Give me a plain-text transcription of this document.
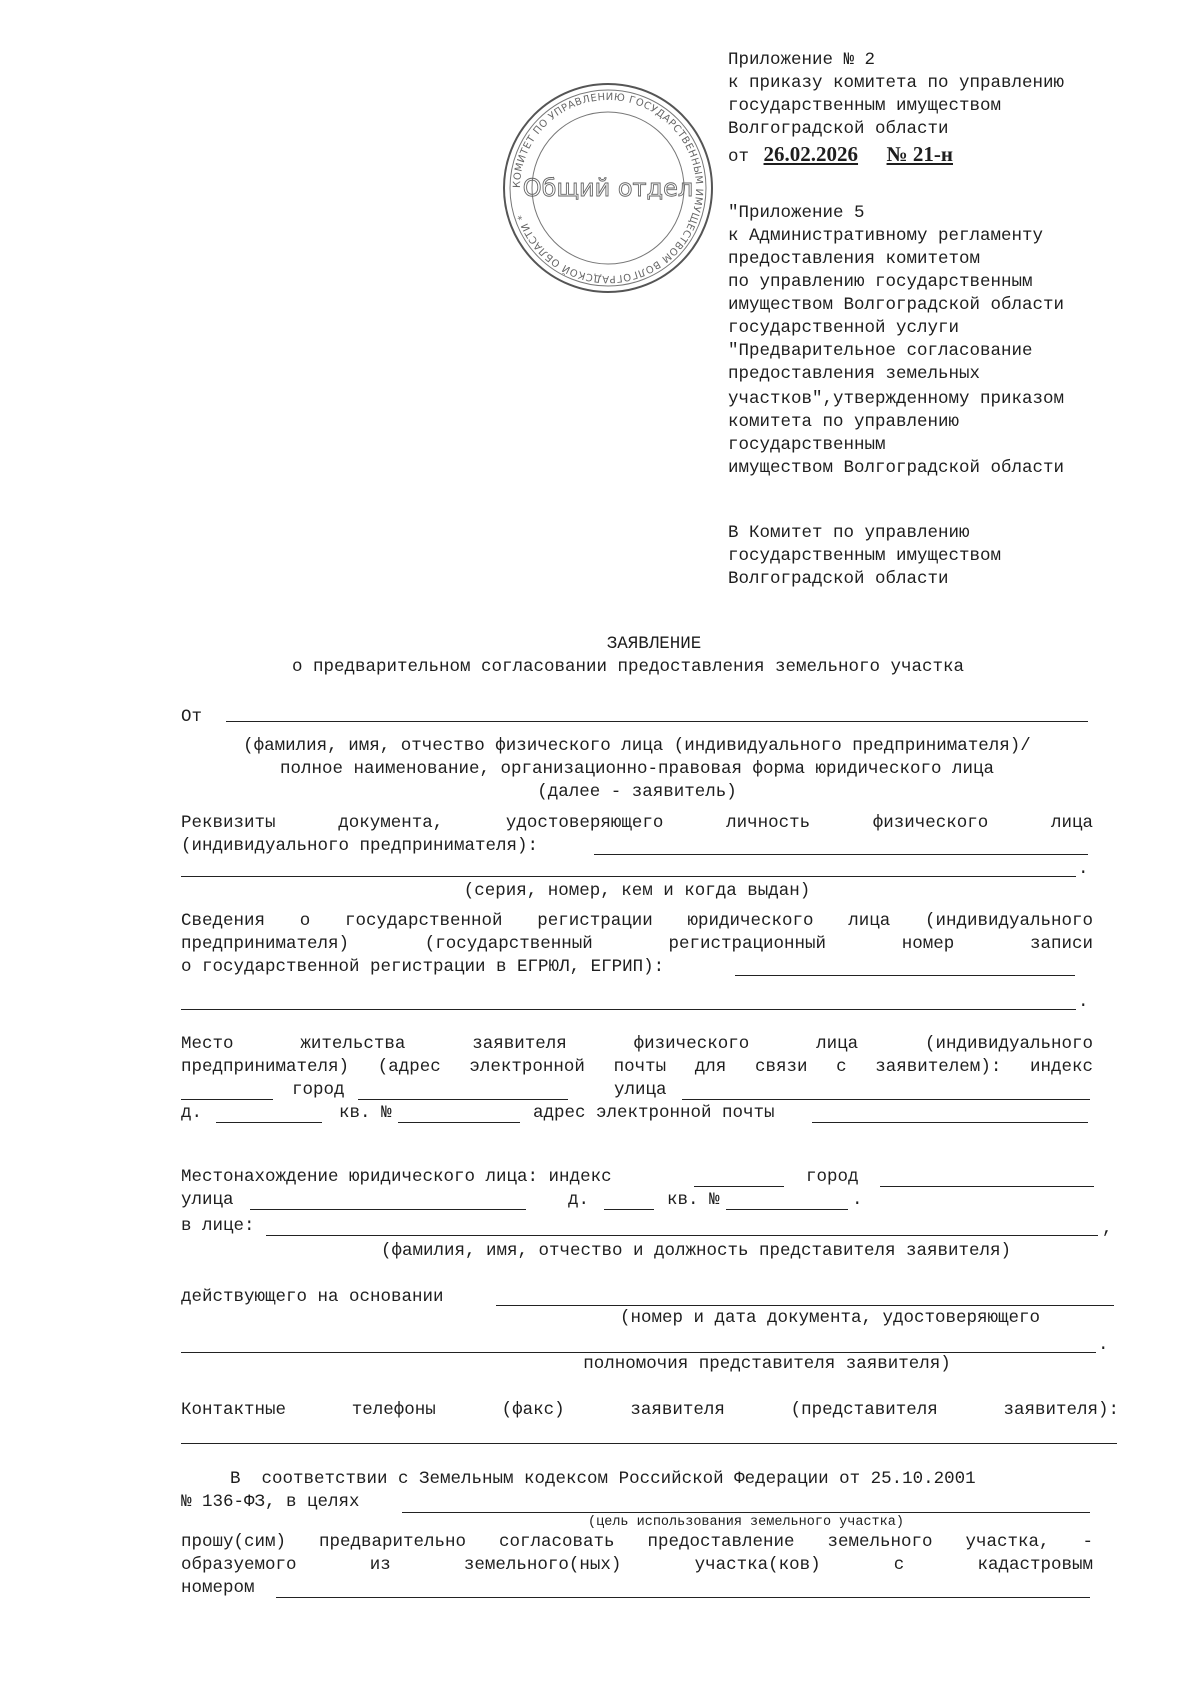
КОМИТЕТ ПО УПРАВЛЕНИЮ ГОСУДАРСТВЕННЫМ ИМУЩЕСТВОМ ВОЛГОГРАДСКОЙ ОБЛАСТИ *
Общий отдел
Приложение № 2
к приказу комитета по управлению
государственным имуществом
Волгоградской области
от 26.02.2026 № 21-н
"Приложение 5
к Административному регламенту
предоставления комитетом
по управлению государственным
имуществом Волгоградской области
государственной услуги
"Предварительное согласование
предоставления земельных
участков",утвержденному приказом
комитета по управлению
государственным
имуществом Волгоградской области
В Комитет по управлению
государственным имуществом
Волгоградской области
ЗАЯВЛЕНИЕ
о предварительном согласовании предоставления земельного участка
От
(фамилия, имя, отчество физического лица (индивидуального предпринимателя)/
полное наименование, организационно-правовая форма юридического лица
(далее - заявитель)
Реквизиты документа, удостоверяющего личность физического лица
(индивидуального предпринимателя):
.
(серия, номер, кем и когда выдан)
Сведения о государственной регистрации юридического лица (индивидуального
предпринимателя) (государственный регистрационный номер записи
о государственной регистрации в ЕГРЮЛ, ЕГРИП):
.
Место жительства заявителя физического лица (индивидуального
предпринимателя) (адрес электронной почты для связи с заявителем): индекс
город	улица
д.	кв. №	адрес электронной почты
Местонахождение юридического лица: индекс	город
улица	д.	кв. №	.
в лице:	,
(фамилия, имя, отчество и должность представителя заявителя)
действующего на основании
(номер и дата документа, удостоверяющего
.
полномочия представителя заявителя)
Контактные телефоны (факс) заявителя (представителя заявителя):
В  соответствии с Земельным кодексом Российской Федерации от 25.10.2001
№ 136-ФЗ, в целях
(цель использования земельного участка)
прошу(сим) предварительно согласовать предоставление земельного участка, -
образуемого из земельного(ных) участка(ков) с кадастровым
номером
